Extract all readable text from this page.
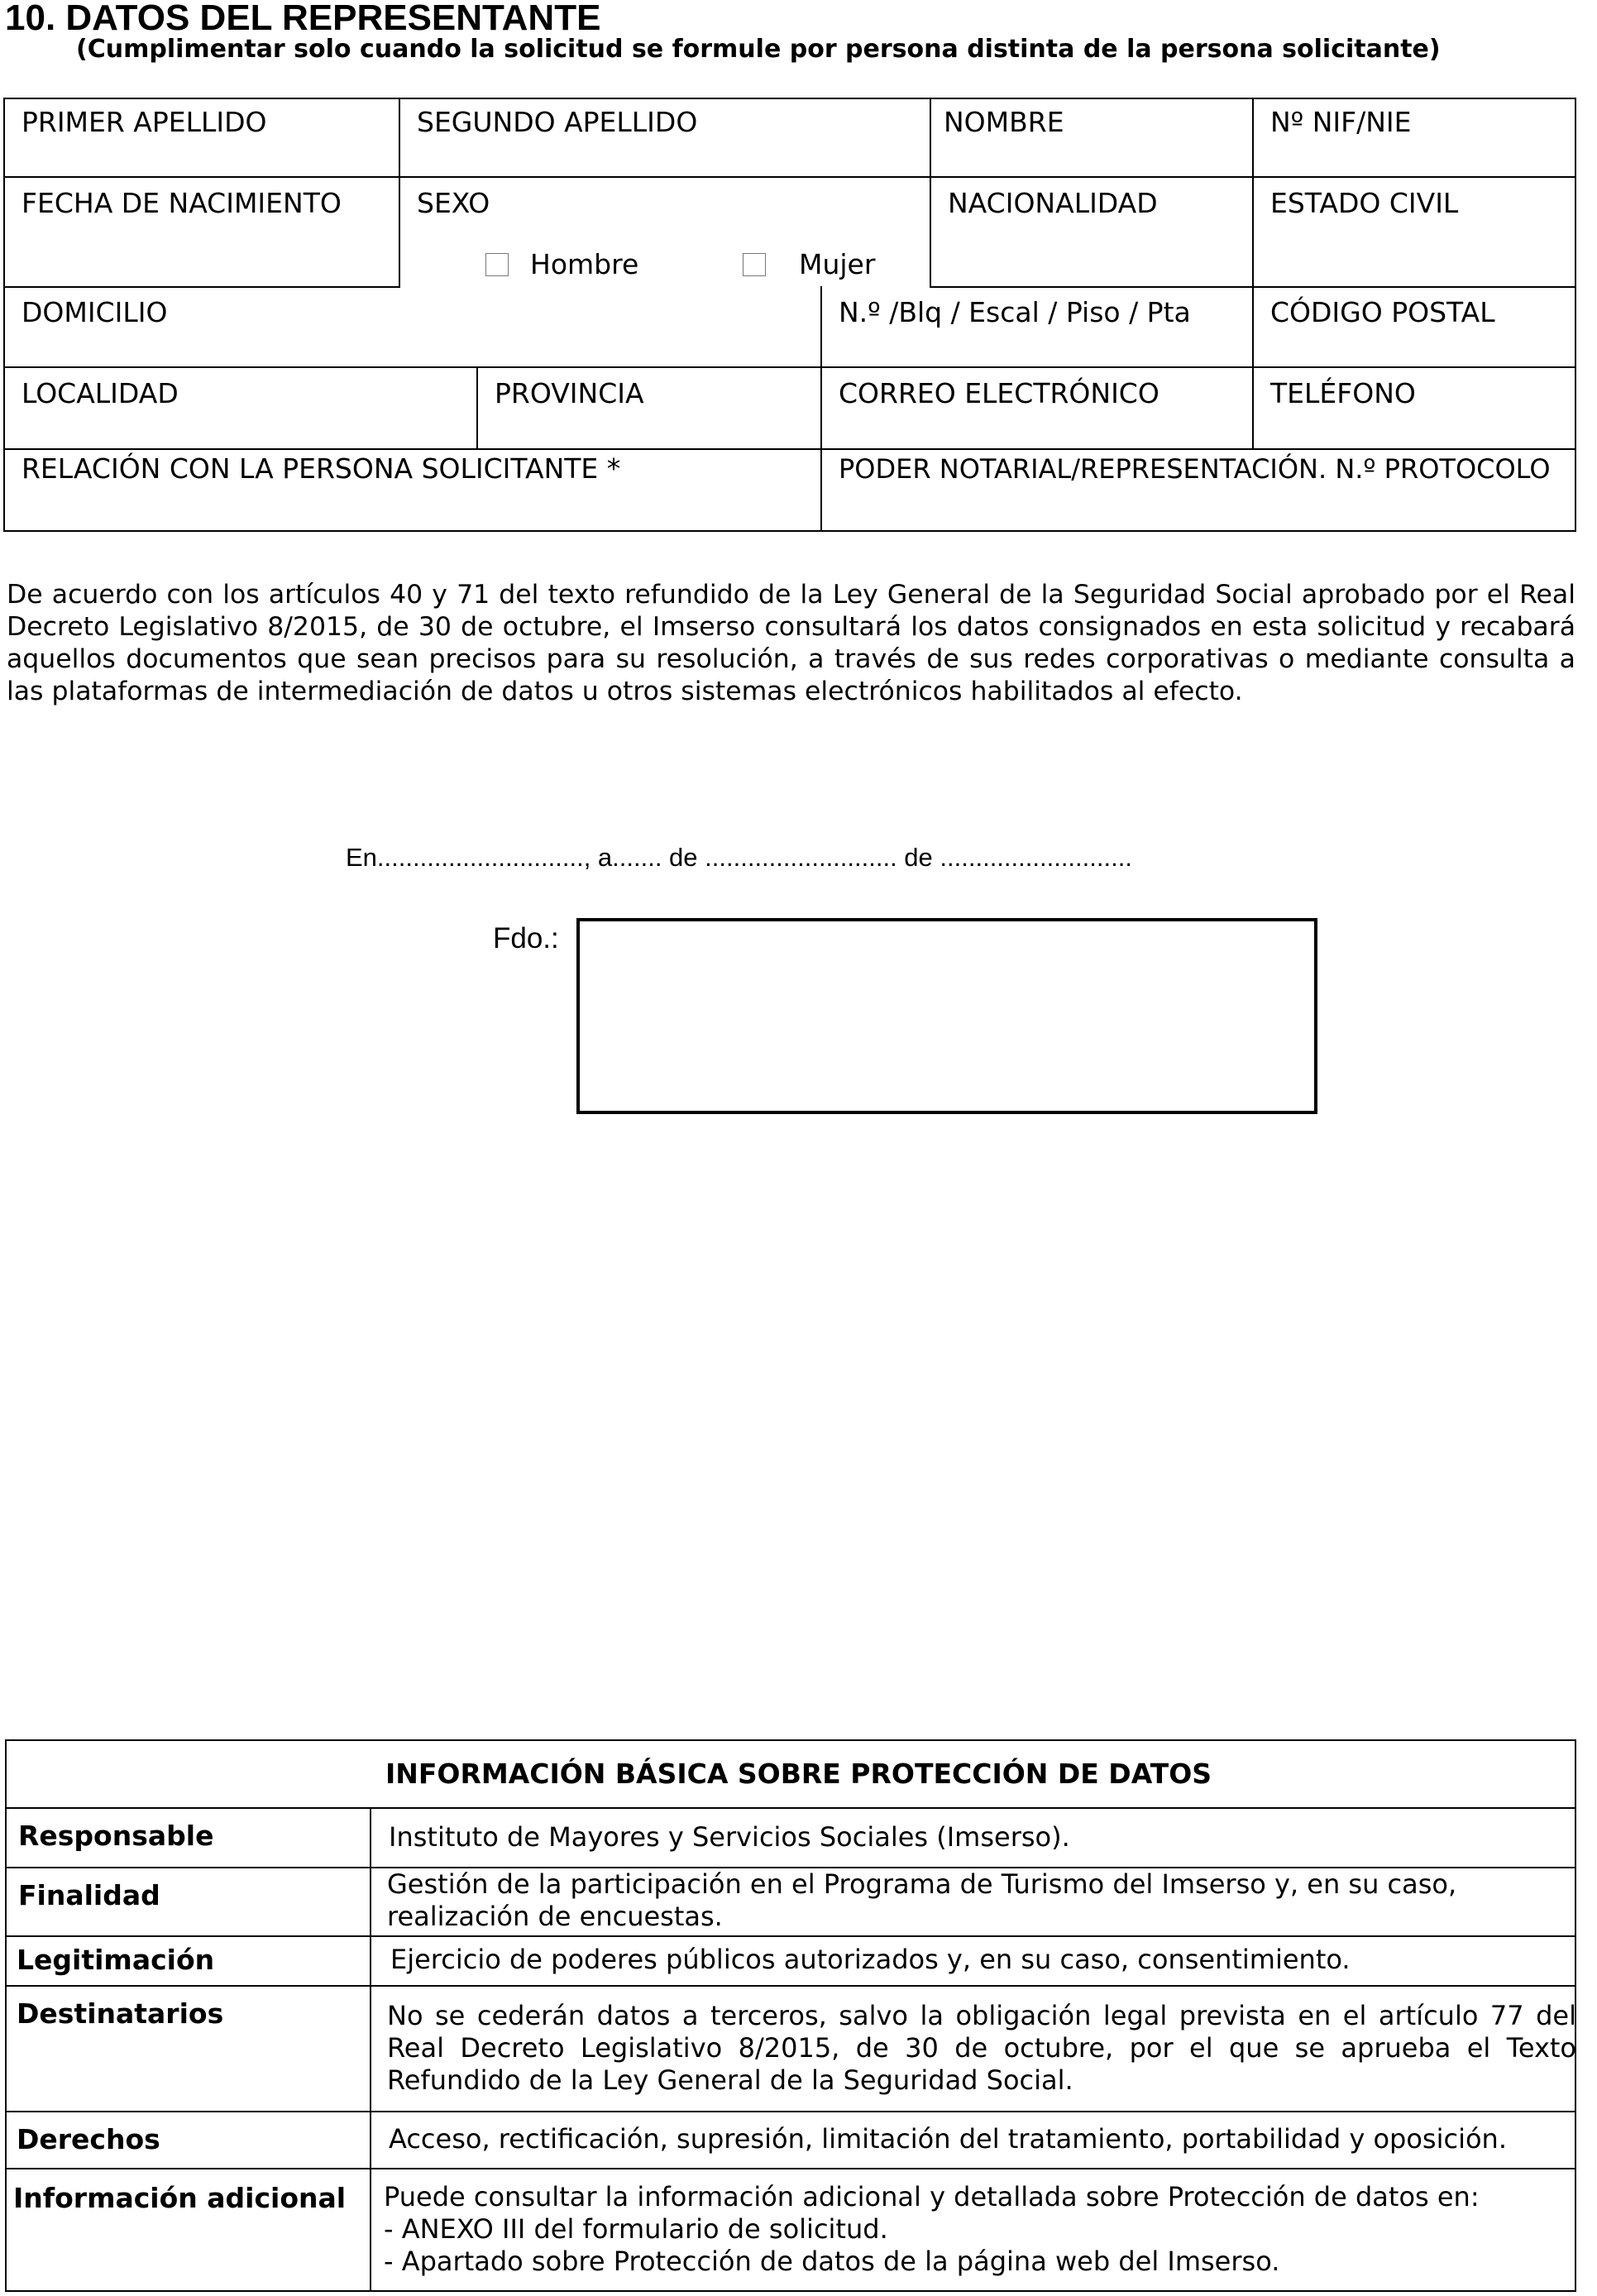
10. DATOS DEL REPRESENTANTE
(Cumplimentar solo cuando la solicitud se formule por persona distinta de la persona solicitante)
PRIMER APELLIDO	SEGUNDO APELLIDO	NOMBRE	Nº NIF/NIE
FECHA DE NACIMIENTO	SEXO	NACIONALIDAD	ESTADO CIVIL
Hombre	Mujer
DOMICILIO	N.º /Blq / Escal / Piso / Pta	CÓDIGO POSTAL
LOCALIDAD	PROVINCIA	CORREO ELECTRÓNICO	TELÉFONO
RELACIÓN CON LA PERSONA SOLICITANTE *	PODER NOTARIAL/REPRESENTACIÓN. N.º PROTOCOLO
De acuerdo con los artículos 40 y 71 del texto refundido de la Ley General de la Seguridad Social aprobado por el Real Decreto Legislativo 8/2015, de 30 de octubre, el Imserso consultará los datos consignados en esta solicitud y recabará aquellos documentos que sean precisos para su resolución, a través de sus redes corporativas o mediante consulta a las plataformas de intermediación de datos u otros sistemas electrónicos habilitados al efecto.
En............................., a....... de ........................... de ...........................
Fdo.:
INFORMACIÓN BÁSICA SOBRE PROTECCIÓN DE DATOS
Responsable	Instituto de Mayores y Servicios Sociales (Imserso).
Finalidad	Gestión de la participación en el Programa de Turismo del Imserso y, en su caso, realización de encuestas.
Legitimación	Ejercicio de poderes públicos autorizados y, en su caso, consentimiento.
Destinatarios	No se cederán datos a terceros, salvo la obligación legal prevista en el artículo 77 del Real Decreto Legislativo 8/2015, de 30 de octubre, por el que se aprueba el Texto Refundido de la Ley General de la Seguridad Social.
Derechos	Acceso, rectificación, supresión, limitación del tratamiento, portabilidad y oposición.
Información adicional Puede consultar la información adicional y detallada sobre Protección de datos en:
- ANEXO III del formulario de solicitud.
- Apartado sobre Protección de datos de la página web del Imserso.
